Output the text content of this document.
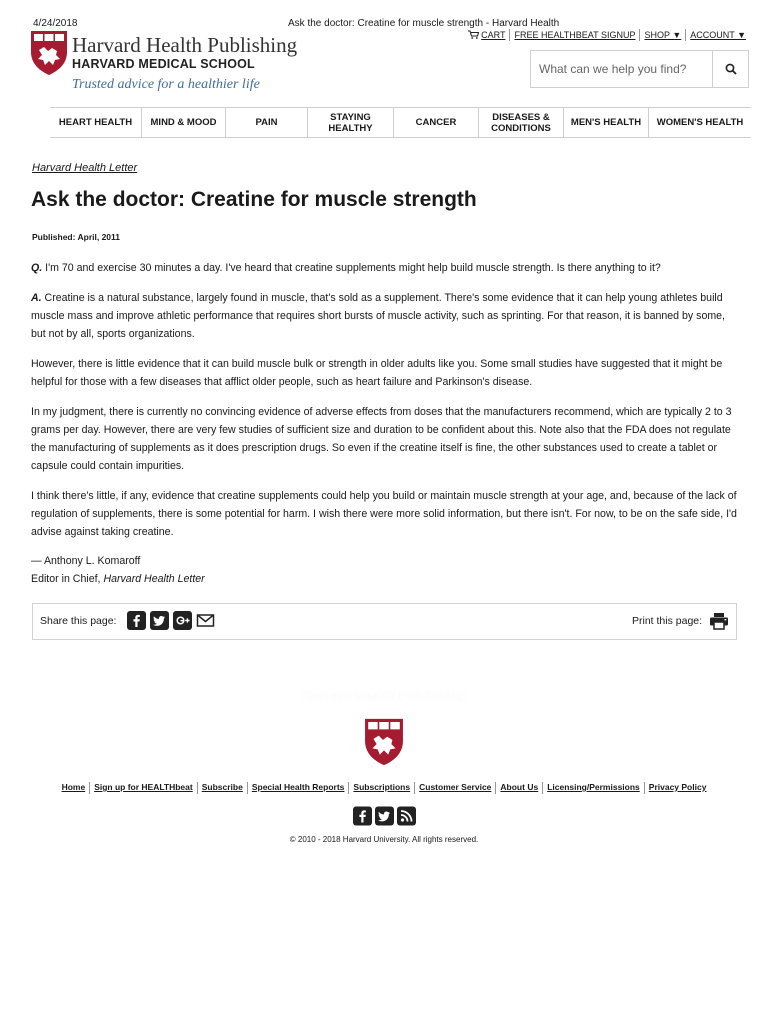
4/24/2018	Ask the doctor: Creatine for muscle strength - Harvard Health
Harvard Health Publishing
HARVARD MEDICAL SCHOOL
Trusted advice for a healthier life
CART	FREE HEALTHBEAT SIGNUP	SHOP ▼	ACCOUNT ▼
What can we help you find?
HEART HEALTH	MIND & MOOD	PAIN	STAYING HEALTHY	CANCER	DISEASES & CONDITIONS	MEN'S HEALTH	WOMEN'S HEALTH
Harvard Health Letter
Ask the doctor: Creatine for muscle strength
Published: April, 2011

Q. I'm 70 and exercise 30 minutes a day. I've heard that creatine supplements might help build muscle strength. Is there anything to it?

A. Creatine is a natural substance, largely found in muscle, that's sold as a supplement. There's some evidence that it can help young athletes build muscle mass and improve athletic performance that requires short bursts of muscle activity, such as sprinting. For that reason, it is banned by some, but not by all, sports organizations.

However, there is little evidence that it can build muscle bulk or strength in older adults like you. Some small studies have suggested that it might be helpful for those with a few diseases that afflict older people, such as heart failure and Parkinson's disease.

In my judgment, there is currently no convincing evidence of adverse effects from doses that the manufacturers recommend, which are typically 2 to 3 grams per day. However, there are very few studies of sufficient size and duration to be confident about this. Note also that the FDA does not regulate the manufacturing of supplements as it does prescription drugs. So even if the creatine itself is fine, the other substances used to create a tablet or capsule could contain impurities.

I think there's little, if any, evidence that creatine supplements could help you build or maintain muscle strength at your age, and, because of the lack of regulation of supplements, there is some potential for harm. I wish there were more solid information, but there isn't. For now, to be on the safe side, I'd advise against taking creatine.

— Anthony L. Komaroff
Editor in Chief, Harvard Health Letter
Share this page:	Print this page:
Harvard Health Publishing
Home	Sign up for HEALTHbeat	Subscribe	Special Health Reports	Subscriptions	Customer Service	About Us	Licensing/Permissions	Privacy Policy
© 2010 - 2018 Harvard University. All rights reserved.
